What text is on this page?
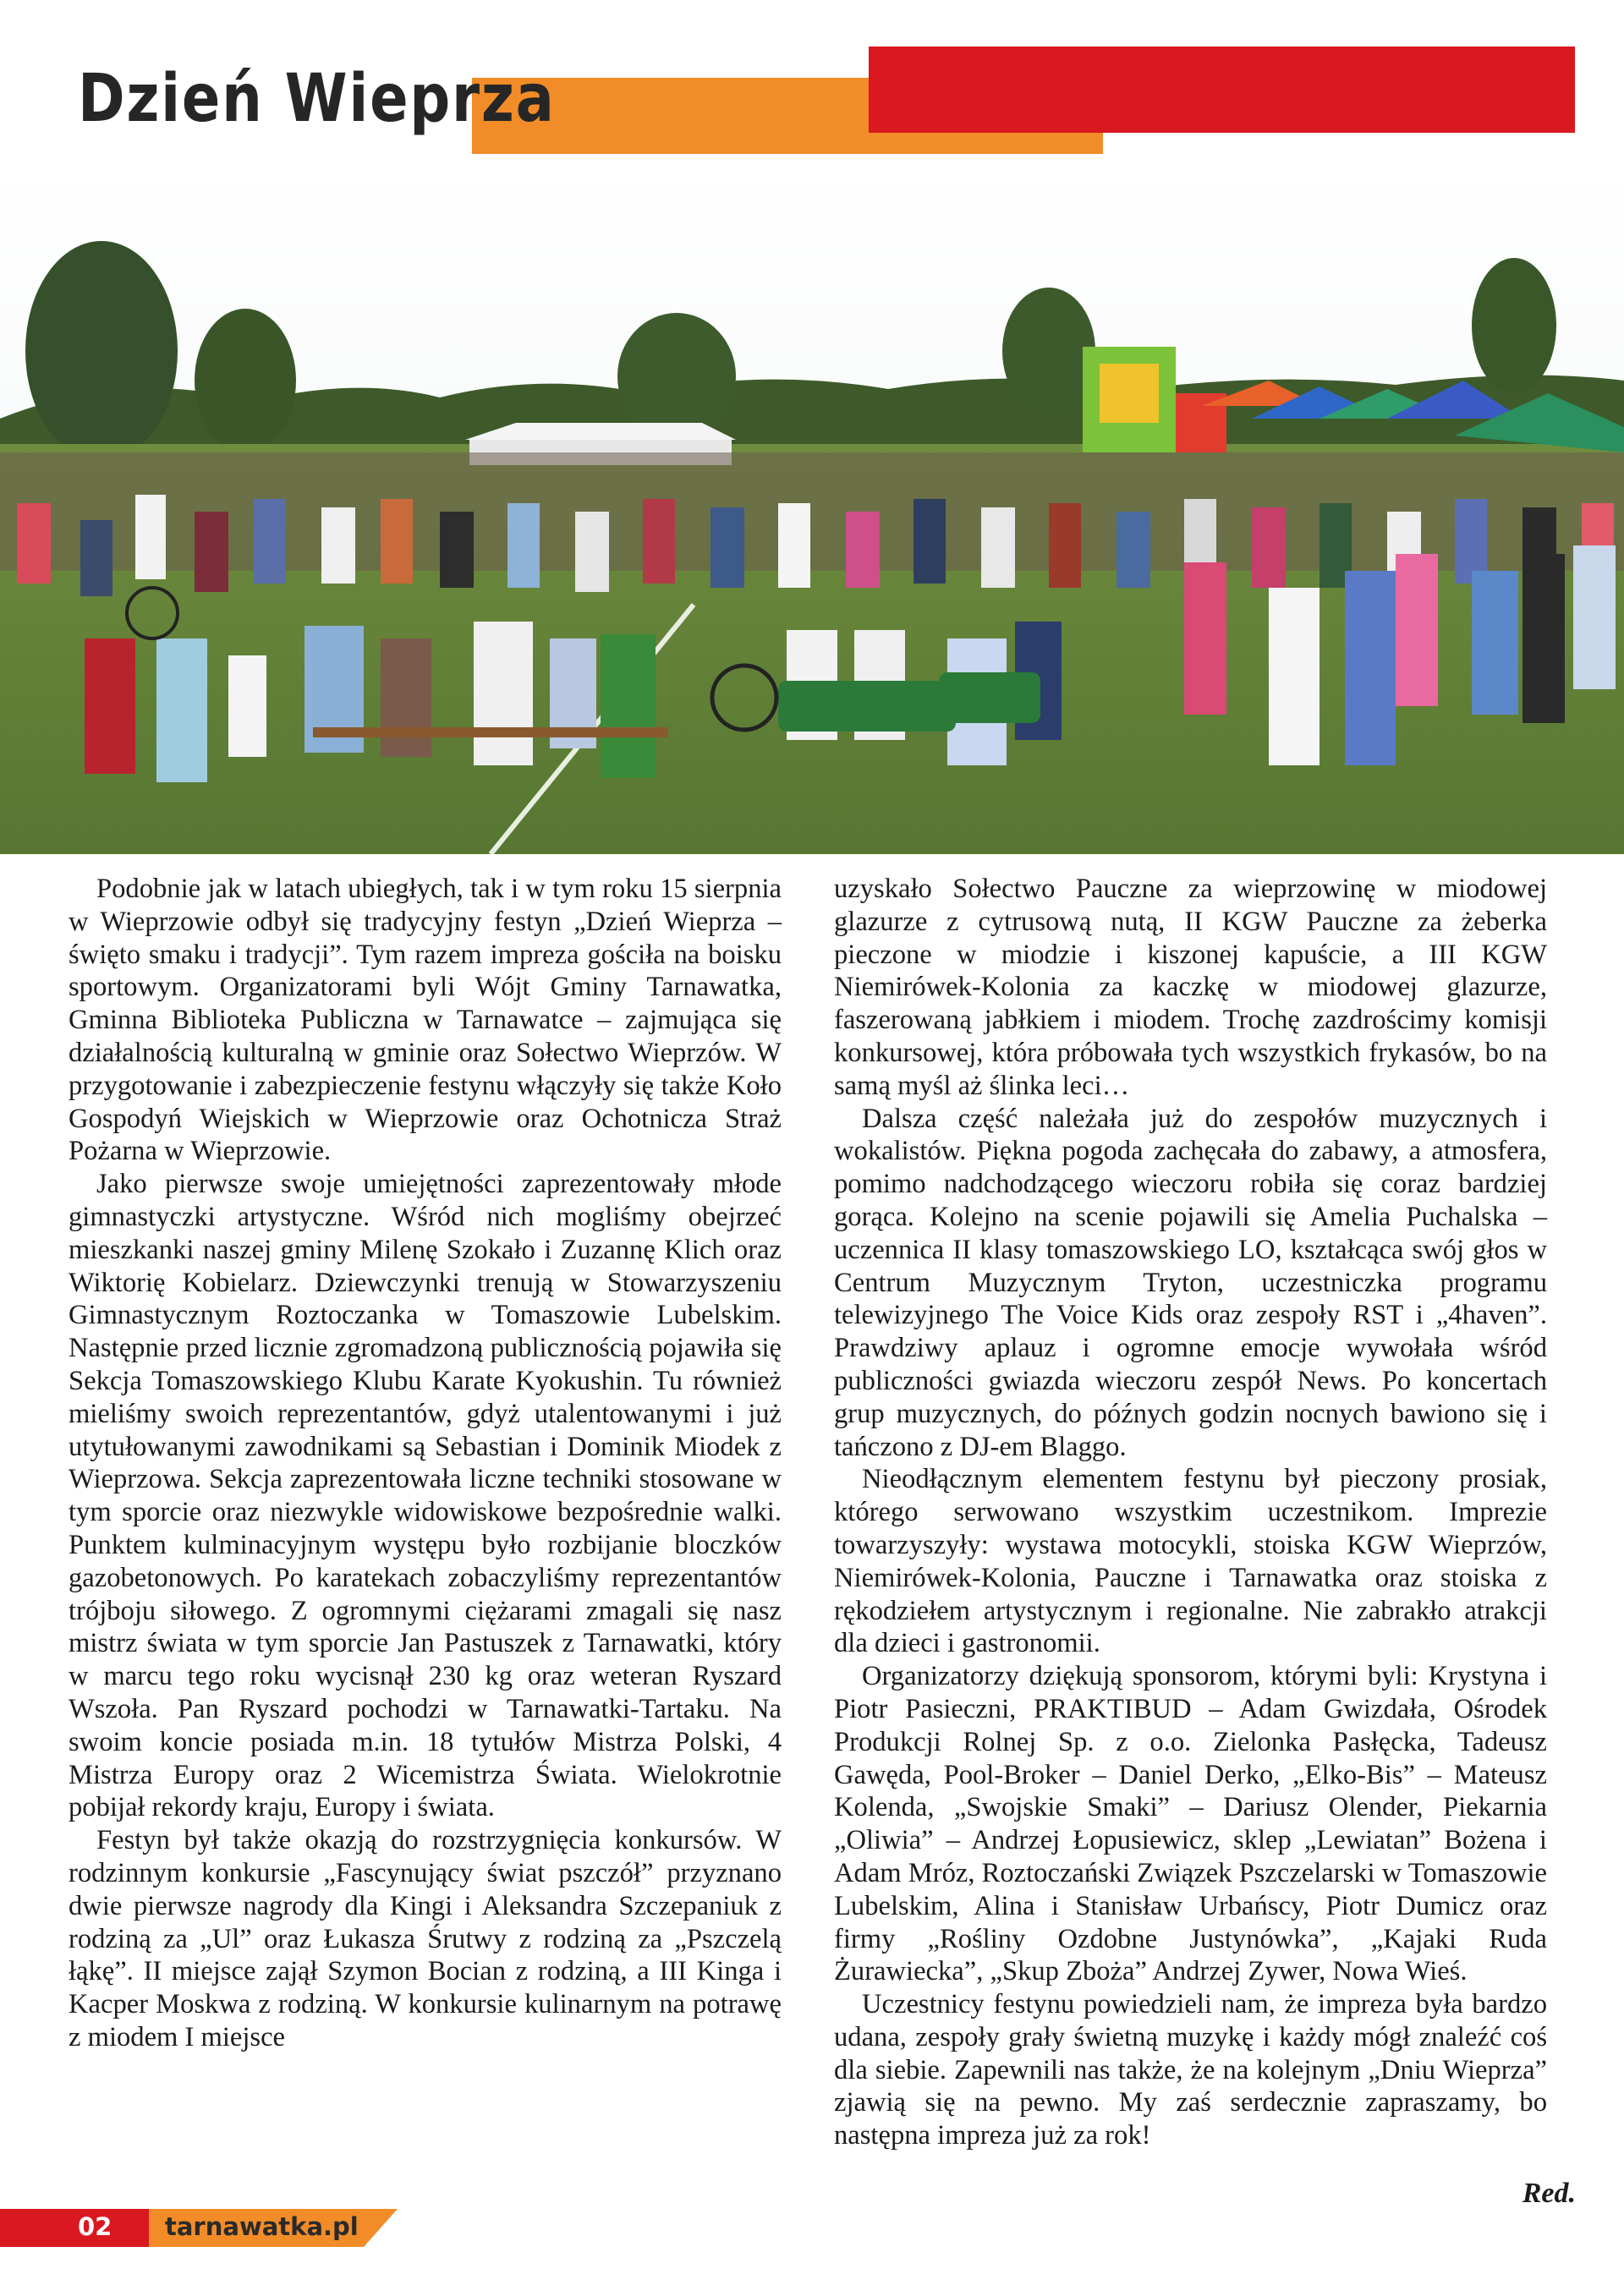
Dzień Wieprza

Podobnie jak w latach ubiegłych, tak i w tym roku 15 sierpnia w Wieprzowie odbył się tradycyjny festyn „Dzień Wieprza – święto smaku i tradycji”. Tym razem impreza gościła na boisku sportowym. Organizatorami byli Wójt Gminy Tarnawatka, Gminna Biblioteka Publiczna w Tarnawatce – zajmująca się działalnością kulturalną w gminie oraz Sołectwo Wieprzów. W przygotowanie i zabezpieczenie festynu włączyły się także Koło Gospodyń Wiejskich w Wieprzowie oraz Ochotnicza Straż Pożarna w Wieprzowie.

Jako pierwsze swoje umiejętności zaprezentowały młode gimnastyczki artystyczne. Wśród nich mogliśmy obejrzeć mieszkanki naszej gminy Milenę Szokało i Zuzannę Klich oraz Wiktorię Kobielarz. Dziewczynki trenują w Stowarzyszeniu Gimnastycznym Roztoczanka w Tomaszowie Lubelskim. Następnie przed licznie zgromadzoną publicznością pojawiła się Sekcja Tomaszowskiego Klubu Karate Kyokushin. Tu również mieliśmy swoich reprezentantów, gdyż utalentowanymi i już utytułowanymi zawodnikami są Sebastian i Dominik Miodek z Wieprzowa. Sekcja zaprezentowała liczne techniki stosowane w tym sporcie oraz niezwykle widowiskowe bezpośrednie walki. Punktem kulminacyjnym występu było rozbijanie bloczków gazobetonowych. Po karatekach zobaczyliśmy reprezentantów trójboju siłowego. Z ogromnymi ciężarami zmagali się nasz mistrz świata w tym sporcie Jan Pastuszek z Tarnawatki, który w marcu tego roku wycisnął 230 kg oraz weteran Ryszard Wszoła. Pan Ryszard pochodzi w Tarnawatki-Tartaku. Na swoim koncie posiada m.in. 18 tytułów Mistrza Polski, 4 Mistrza Europy oraz 2 Wicemistrza Świata. Wielokrotnie pobijał rekordy kraju, Europy i świata.

Festyn był także okazją do rozstrzygnięcia konkursów. W rodzinnym konkursie „Fascynujący świat pszczół” przyznano dwie pierwsze nagrody dla Kingi i Aleksandra Szczepaniuk z rodziną za „Ul” oraz Łukasza Śrutwy z rodziną za „Pszczelą łąkę”. II miejsce zajął Szymon Bocian z rodziną, a III Kinga i Kacper Moskwa z rodziną. W konkursie kulinarnym na potrawę z miodem I miejsce

uzyskało Sołectwo Pauczne za wieprzowinę w miodowej glazurze z cytrusową nutą, II KGW Pauczne za żeberka pieczone w miodzie i kiszonej kapuście, a III KGW Niemirówek-Kolonia za kaczkę w miodowej glazurze, faszerowaną jabłkiem i miodem. Trochę zazdrościmy komisji konkursowej, która próbowała tych wszystkich frykasów, bo na samą myśl aż ślinka leci…

Dalsza część należała już do zespołów muzycznych i wokalistów. Piękna pogoda zachęcała do zabawy, a atmosfera, pomimo nadchodzącego wieczoru robiła się coraz bardziej gorąca. Kolejno na scenie pojawili się Amelia Puchalska – uczennica II klasy tomaszowskiego LO, kształcąca swój głos w Centrum Muzycznym Tryton, uczestniczka programu telewizyjnego The Voice Kids oraz zespoły RST i „4haven”. Prawdziwy aplauz i ogromne emocje wywołała wśród publiczności gwiazda wieczoru zespół News. Po koncertach grup muzycznych, do późnych godzin nocnych bawiono się i tańczono z DJ-em Blaggo.

Nieodłącznym elementem festynu był pieczony prosiak, którego serwowano wszystkim uczestnikom. Imprezie towarzyszyły: wystawa motocykli, stoiska KGW Wieprzów, Niemirówek-Kolonia, Pauczne i Tarnawatka oraz stoiska z rękodziełem artystycznym i regionalne. Nie zabrakło atrakcji dla dzieci i gastronomii.

Organizatorzy dziękują sponsorom, którymi byli: Krystyna i Piotr Pasieczni, PRAKTIBUD – Adam Gwizdała, Ośrodek Produkcji Rolnej Sp. z o.o. Zielonka Pasłęcka, Tadeusz Gawęda, Pool-Broker – Daniel Derko, „Elko-Bis” – Mateusz Kolenda, „Swojskie Smaki” – Dariusz Olender, Piekarnia „Oliwia” – Andrzej Łopusiewicz, sklep „Lewiatan” Bożena i Adam Mróz, Roztoczański Związek Pszczelarski w Tomaszowie Lubelskim, Alina i Stanisław Urbańscy, Piotr Dumicz oraz firmy „Rośliny Ozdobne Justynówka”, „Kajaki Ruda Żurawiecka”, „Skup Zboża” Andrzej Zywer, Nowa Wieś.

Uczestnicy festynu powiedzieli nam, że impreza była bardzo udana, zespoły grały świetną muzykę i każdy mógł znaleźć coś dla siebie. Zapewnili nas także, że na kolejnym „Dniu Wieprza” zjawią się na pewno. My zaś serdecznie zapraszamy, bo następna impreza już za rok!

Red.
02 tarnawatka.pl
